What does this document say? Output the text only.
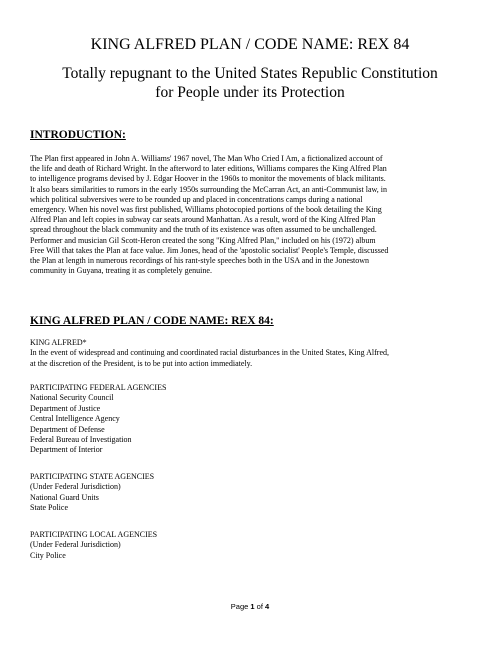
KING ALFRED PLAN / CODE NAME: REX 84
Totally repugnant to the United States Republic Constitution
for People under its Protection
INTRODUCTION:
The Plan first appeared in John A. Williams' 1967 novel, The Man Who Cried I Am, a fictionalized account of
the life and death of Richard Wright. In the afterword to later editions, Williams compares the King Alfred Plan
to intelligence programs devised by J. Edgar Hoover in the 1960s to monitor the movements of black militants.
It also bears similarities to rumors in the early 1950s surrounding the McCarran Act, an anti-Communist law, in
which political subversives were to be rounded up and placed in concentrations camps during a national
emergency. When his novel was first published, Williams photocopied portions of the book detailing the King
Alfred Plan and left copies in subway car seats around Manhattan. As a result, word of the King Alfred Plan
spread throughout the black community and the truth of its existence was often assumed to be unchallenged.
Performer and musician Gil Scott-Heron created the song "King Alfred Plan," included on his (1972) album
Free Will that takes the Plan at face value. Jim Jones, head of the 'apostolic socialist' People's Temple, discussed
the Plan at length in numerous recordings of his rant-style speeches both in the USA and in the Jonestown
community in Guyana, treating it as completely genuine.
KING ALFRED PLAN / CODE NAME: REX 84:
KING ALFRED*
In the event of widespread and continuing and coordinated racial disturbances in the United States, King Alfred,
at the discretion of the President, is to be put into action immediately.
PARTICIPATING FEDERAL AGENCIES
National Security Council
Department of Justice
Central Intelligence Agency
Department of Defense
Federal Bureau of Investigation
Department of Interior
PARTICIPATING STATE AGENCIES
(Under Federal Jurisdiction)
National Guard Units
State Police
PARTICIPATING LOCAL AGENCIES
(Under Federal Jurisdiction)
City Police
Page 1 of 4
